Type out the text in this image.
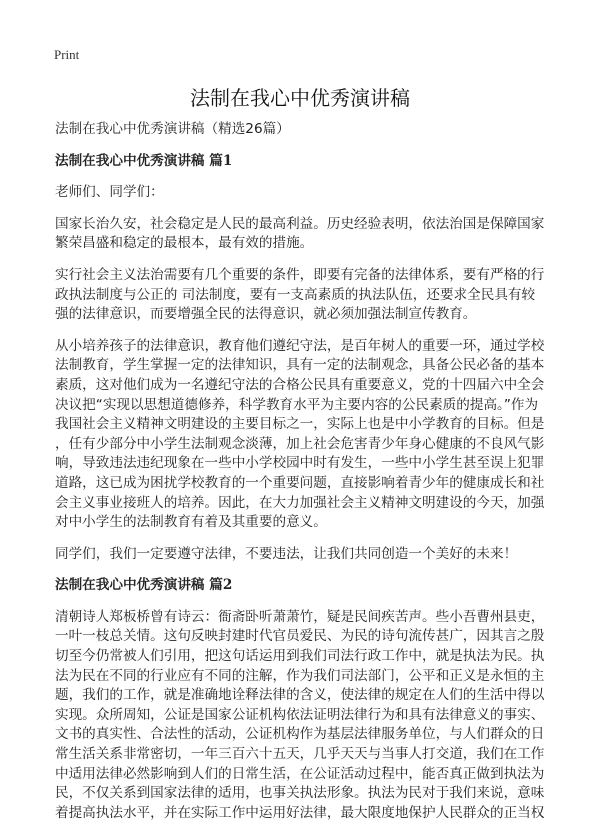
Print
法制在我心中优秀演讲稿
法制在我心中优秀演讲稿（精选26篇）
法制在我心中优秀演讲稿 篇1
老师们、同学们：
国家长治久安，社会稳定是人民的最高利益。历史经验表明，依法治国是保障国家
繁荣昌盛和稳定的最根本，最有效的措施。
实行社会主义法治需要有几个重要的条件，即要有完备的法律体系，要有严格的行
政执法制度与公正的 司法制度，要有一支高素质的执法队伍，还要求全民具有较
强的法律意识，而要增强全民的法得意识，就必须加强法制宣传教育。
从小培养孩子的法律意识，教育他们遵纪守法，是百年树人的重要一环，通过学校
法制教育，学生掌握一定的法律知识，具有一定的法制观念，具备公民必备的基本
素质，这对他们成为一名遵纪守法的合格公民具有重要意义，党的十四届六中全会
决议把“实现以思想道德修养，科学教育水平为主要内容的公民素质的提高。”作为
我国社会主义精神文明建设的主要目标之一，实际上也是中小学教育的目标。但是
，任有少部分中小学生法制观念淡薄，加上社会危害青少年身心健康的不良风气影
响，导致违法违纪现象在一些中小学校园中时有发生，一些中小学生甚至误上犯罪
道路，这已成为困扰学校教育的一个重要问题，直接影响着青少年的健康成长和社
会主义事业接班人的培养。因此，在大力加强社会主义精神文明建设的今天，加强
对中小学生的法制教育有着及其重要的意义。
同学们，我们一定要遵守法律，不要违法，让我们共同创造一个美好的未来！
法制在我心中优秀演讲稿 篇2
清朝诗人郑板桥曾有诗云：衙斋卧听萧萧竹，疑是民间疾苦声。些小吾曹州县吏，
一叶一枝总关情。这句反映封建时代官员爱民、为民的诗句流传甚广，因其言之殷
切至今仍常被人们引用，把这句话运用到我们司法行政工作中，就是执法为民。执
法为民在不同的行业应有不同的注解，作为我们司法部门，公平和正义是永恒的主
题，我们的工作，就是准确地诠释法律的含义，使法律的规定在人们的生活中得以
实现。众所周知，公证是国家公证机构依法证明法律行为和具有法律意义的事实、
文书的真实性、合法性的活动，公证机构作为基层法律服务单位，与人们群众的日
常生活关系非常密切，一年三百六十五天，几乎天天与当事人打交道，我们在工作
中适用法律必然影响到人们的日常生活，在公证活动过程中，能否真正做到执法为
民，不仅关系到国家法律的适用，也事关执法形象。执法为民对于我们来说，意味
着提高执法水平，并在实际工作中运用好法律，最大限度地保护人民群众的正当权
